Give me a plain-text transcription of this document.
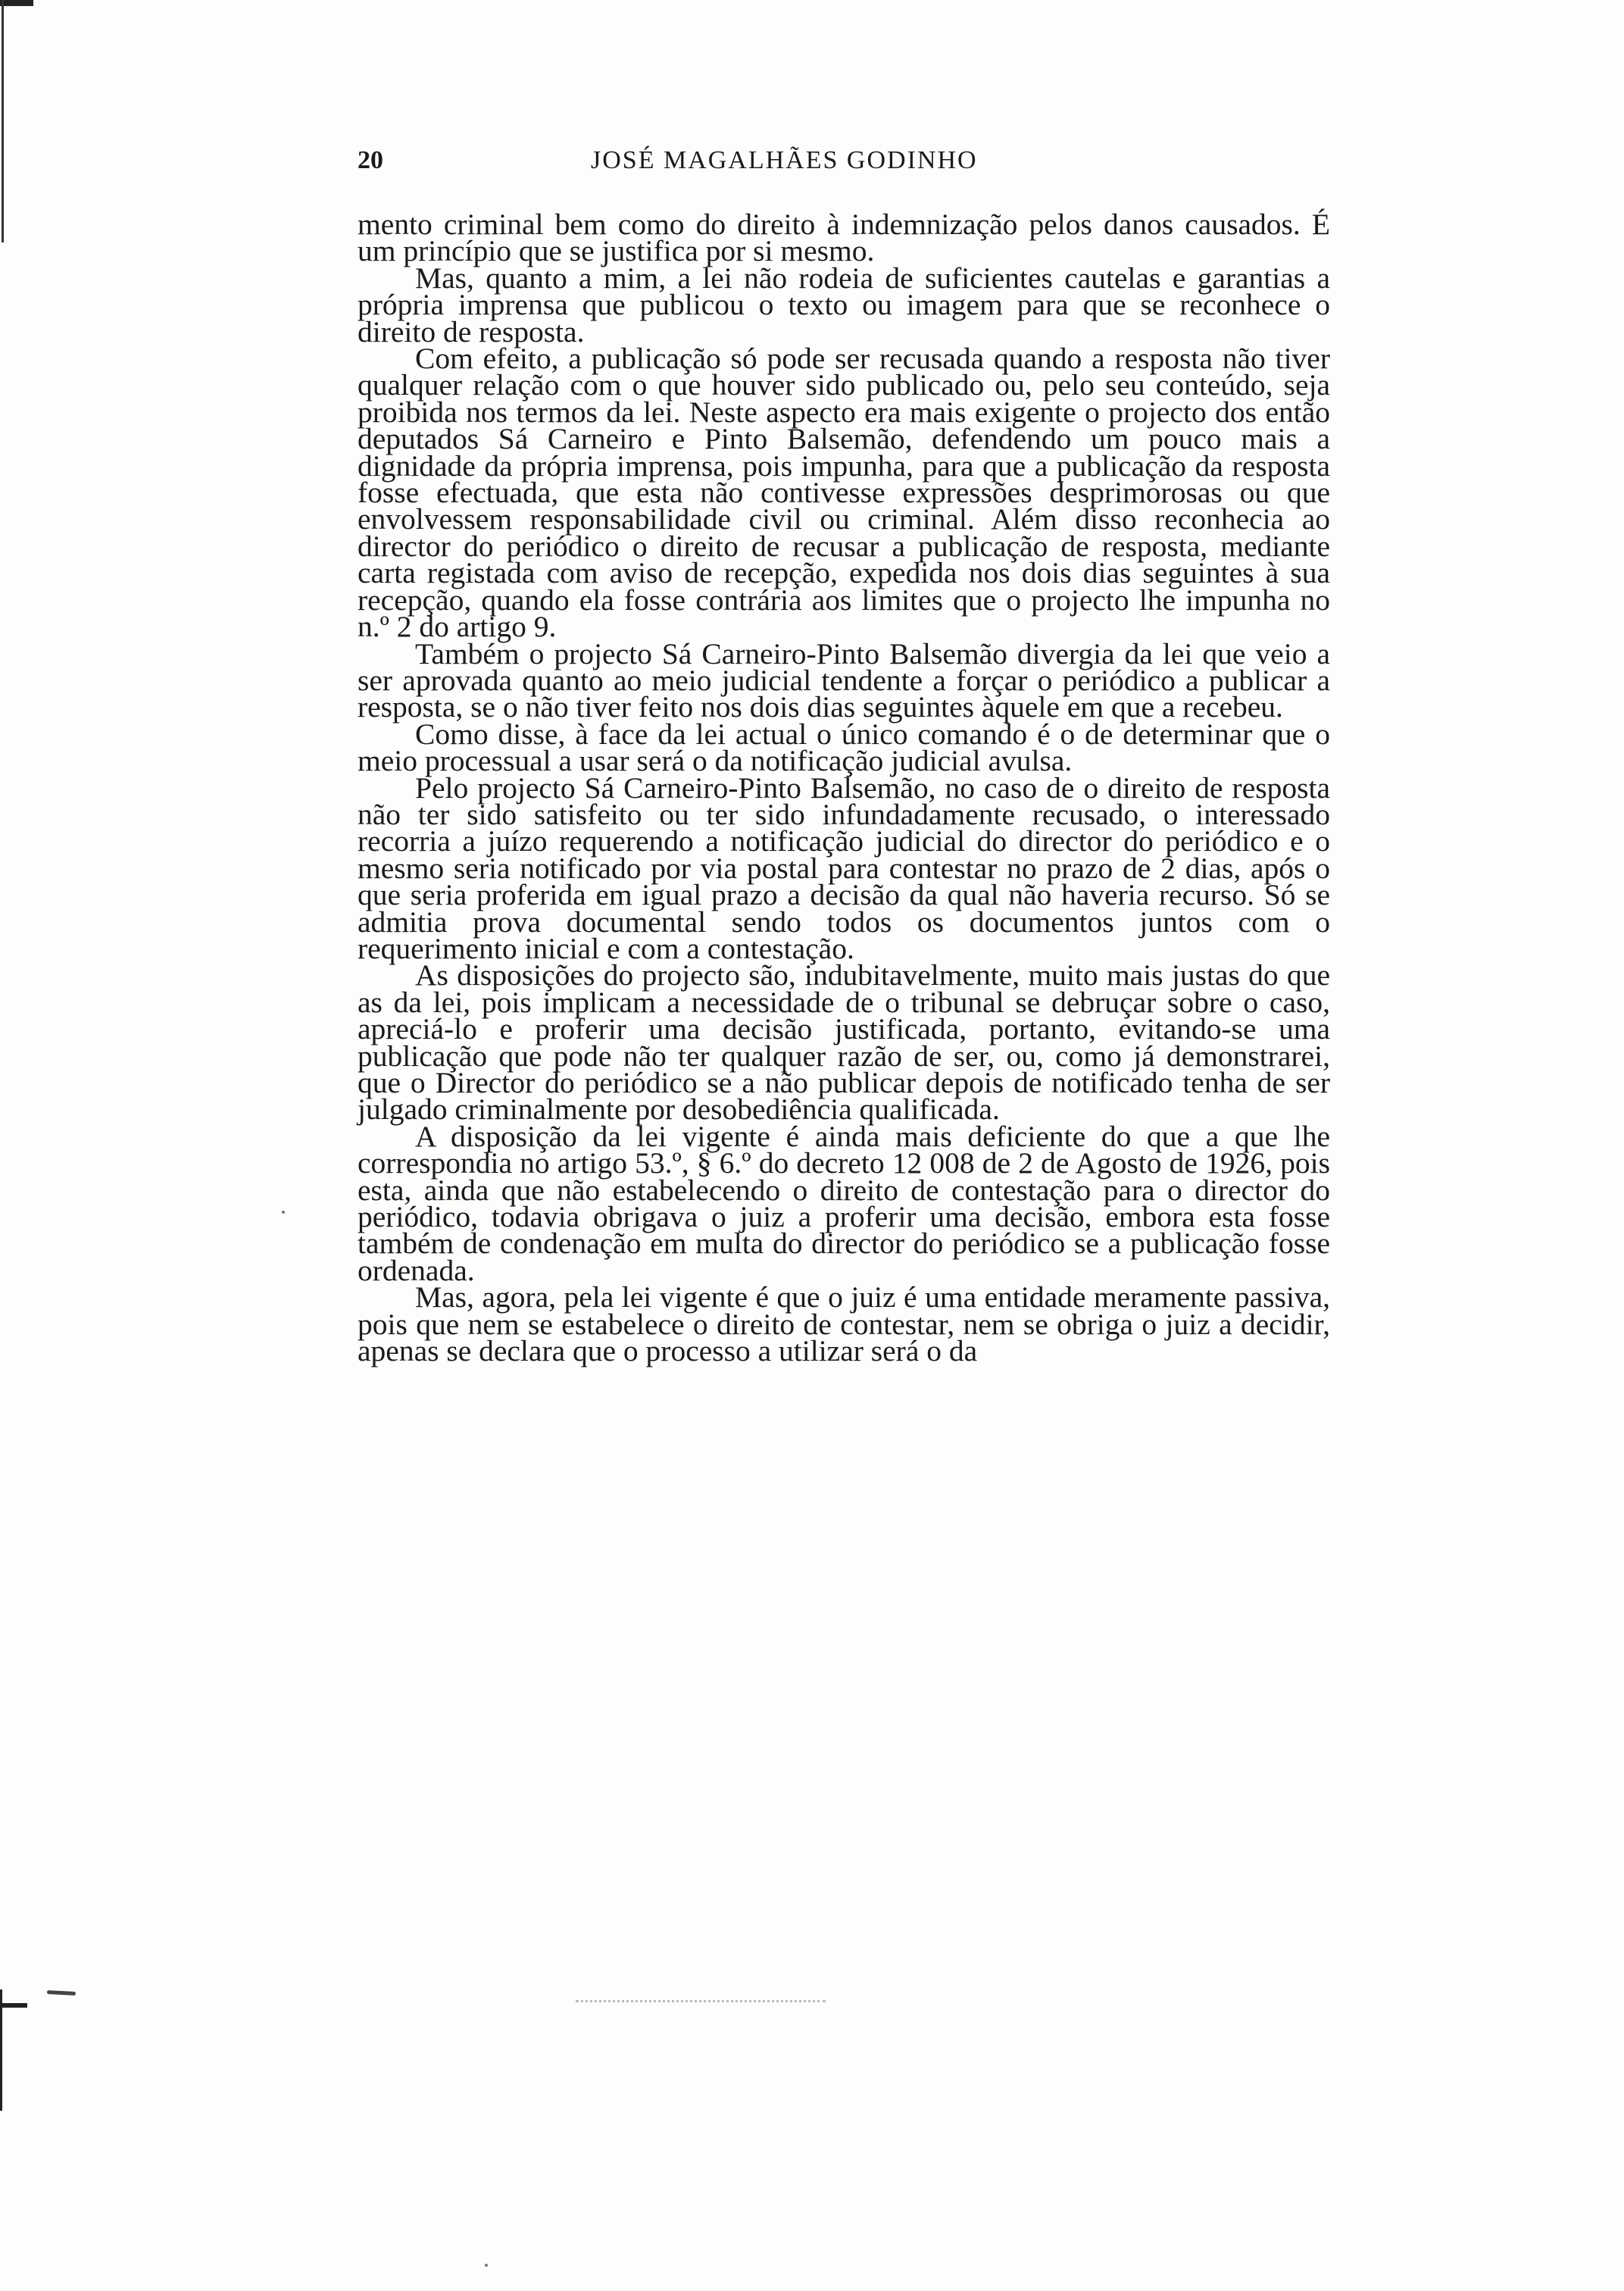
20	JOSÉ MAGALHÃES GODINHO

mento criminal bem como do direito à indemnização pelos danos causados. É um princípio que se justifica por si mesmo.

Mas, quanto a mim, a lei não rodeia de suficientes cautelas e garantias a própria imprensa que publicou o texto ou imagem para que se reconhece o direito de resposta.

Com efeito, a publicação só pode ser recusada quando a resposta não tiver qualquer relação com o que houver sido publicado ou, pelo seu conteúdo, seja proibida nos termos da lei. Neste aspecto era mais exigente o projecto dos então deputados Sá Carneiro e Pinto Balsemão, defendendo um pouco mais a dignidade da própria imprensa, pois impunha, para que a publicação da resposta fosse efectuada, que esta não contivesse expressões desprimorosas ou que envolvessem responsabilidade civil ou criminal. Além disso reconhecia ao director do periódico o direito de recusar a publicação de resposta, mediante carta registada com aviso de recepção, expedida nos dois dias seguintes à sua recepção, quando ela fosse contrária aos limites que o projecto lhe impunha no n.º 2 do artigo 9.

Também o projecto Sá Carneiro-Pinto Balsemão divergia da lei que veio a ser aprovada quanto ao meio judicial tendente a forçar o periódico a publicar a resposta, se o não tiver feito nos dois dias seguintes àquele em que a recebeu.

Como disse, à face da lei actual o único comando é o de determinar que o meio processual a usar será o da notificação judicial avulsa.

Pelo projecto Sá Carneiro-Pinto Balsemão, no caso de o direito de resposta não ter sido satisfeito ou ter sido infundadamente recusado, o interessado recorria a juízo requerendo a notificação judicial do director do periódico e o mesmo seria notificado por via postal para contestar no prazo de 2 dias, após o que seria proferida em igual prazo a decisão da qual não haveria recurso. Só se admitia prova documental sendo todos os documentos juntos com o requerimento inicial e com a contestação.

As disposições do projecto são, indubitavelmente, muito mais justas do que as da lei, pois implicam a necessidade de o tribunal se debruçar sobre o caso, apreciá-lo e proferir uma decisão justificada, portanto, evitando-se uma publicação que pode não ter qualquer razão de ser, ou, como já demonstrarei, que o Director do periódico se a não publicar depois de notificado tenha de ser julgado criminalmente por desobediência qualificada.

A disposição da lei vigente é ainda mais deficiente do que a que lhe correspondia no artigo 53.º, § 6.º do decreto 12 008 de 2 de Agosto de 1926, pois esta, ainda que não estabelecendo o direito de contestação para o director do periódico, todavia obrigava o juiz a proferir uma decisão, embora esta fosse também de condenação em multa do director do periódico se a publicação fosse ordenada.

Mas, agora, pela lei vigente é que o juiz é uma entidade meramente passiva, pois que nem se estabelece o direito de contestar, nem se obriga o juiz a decidir, apenas se declara que o processo a utilizar será o da
